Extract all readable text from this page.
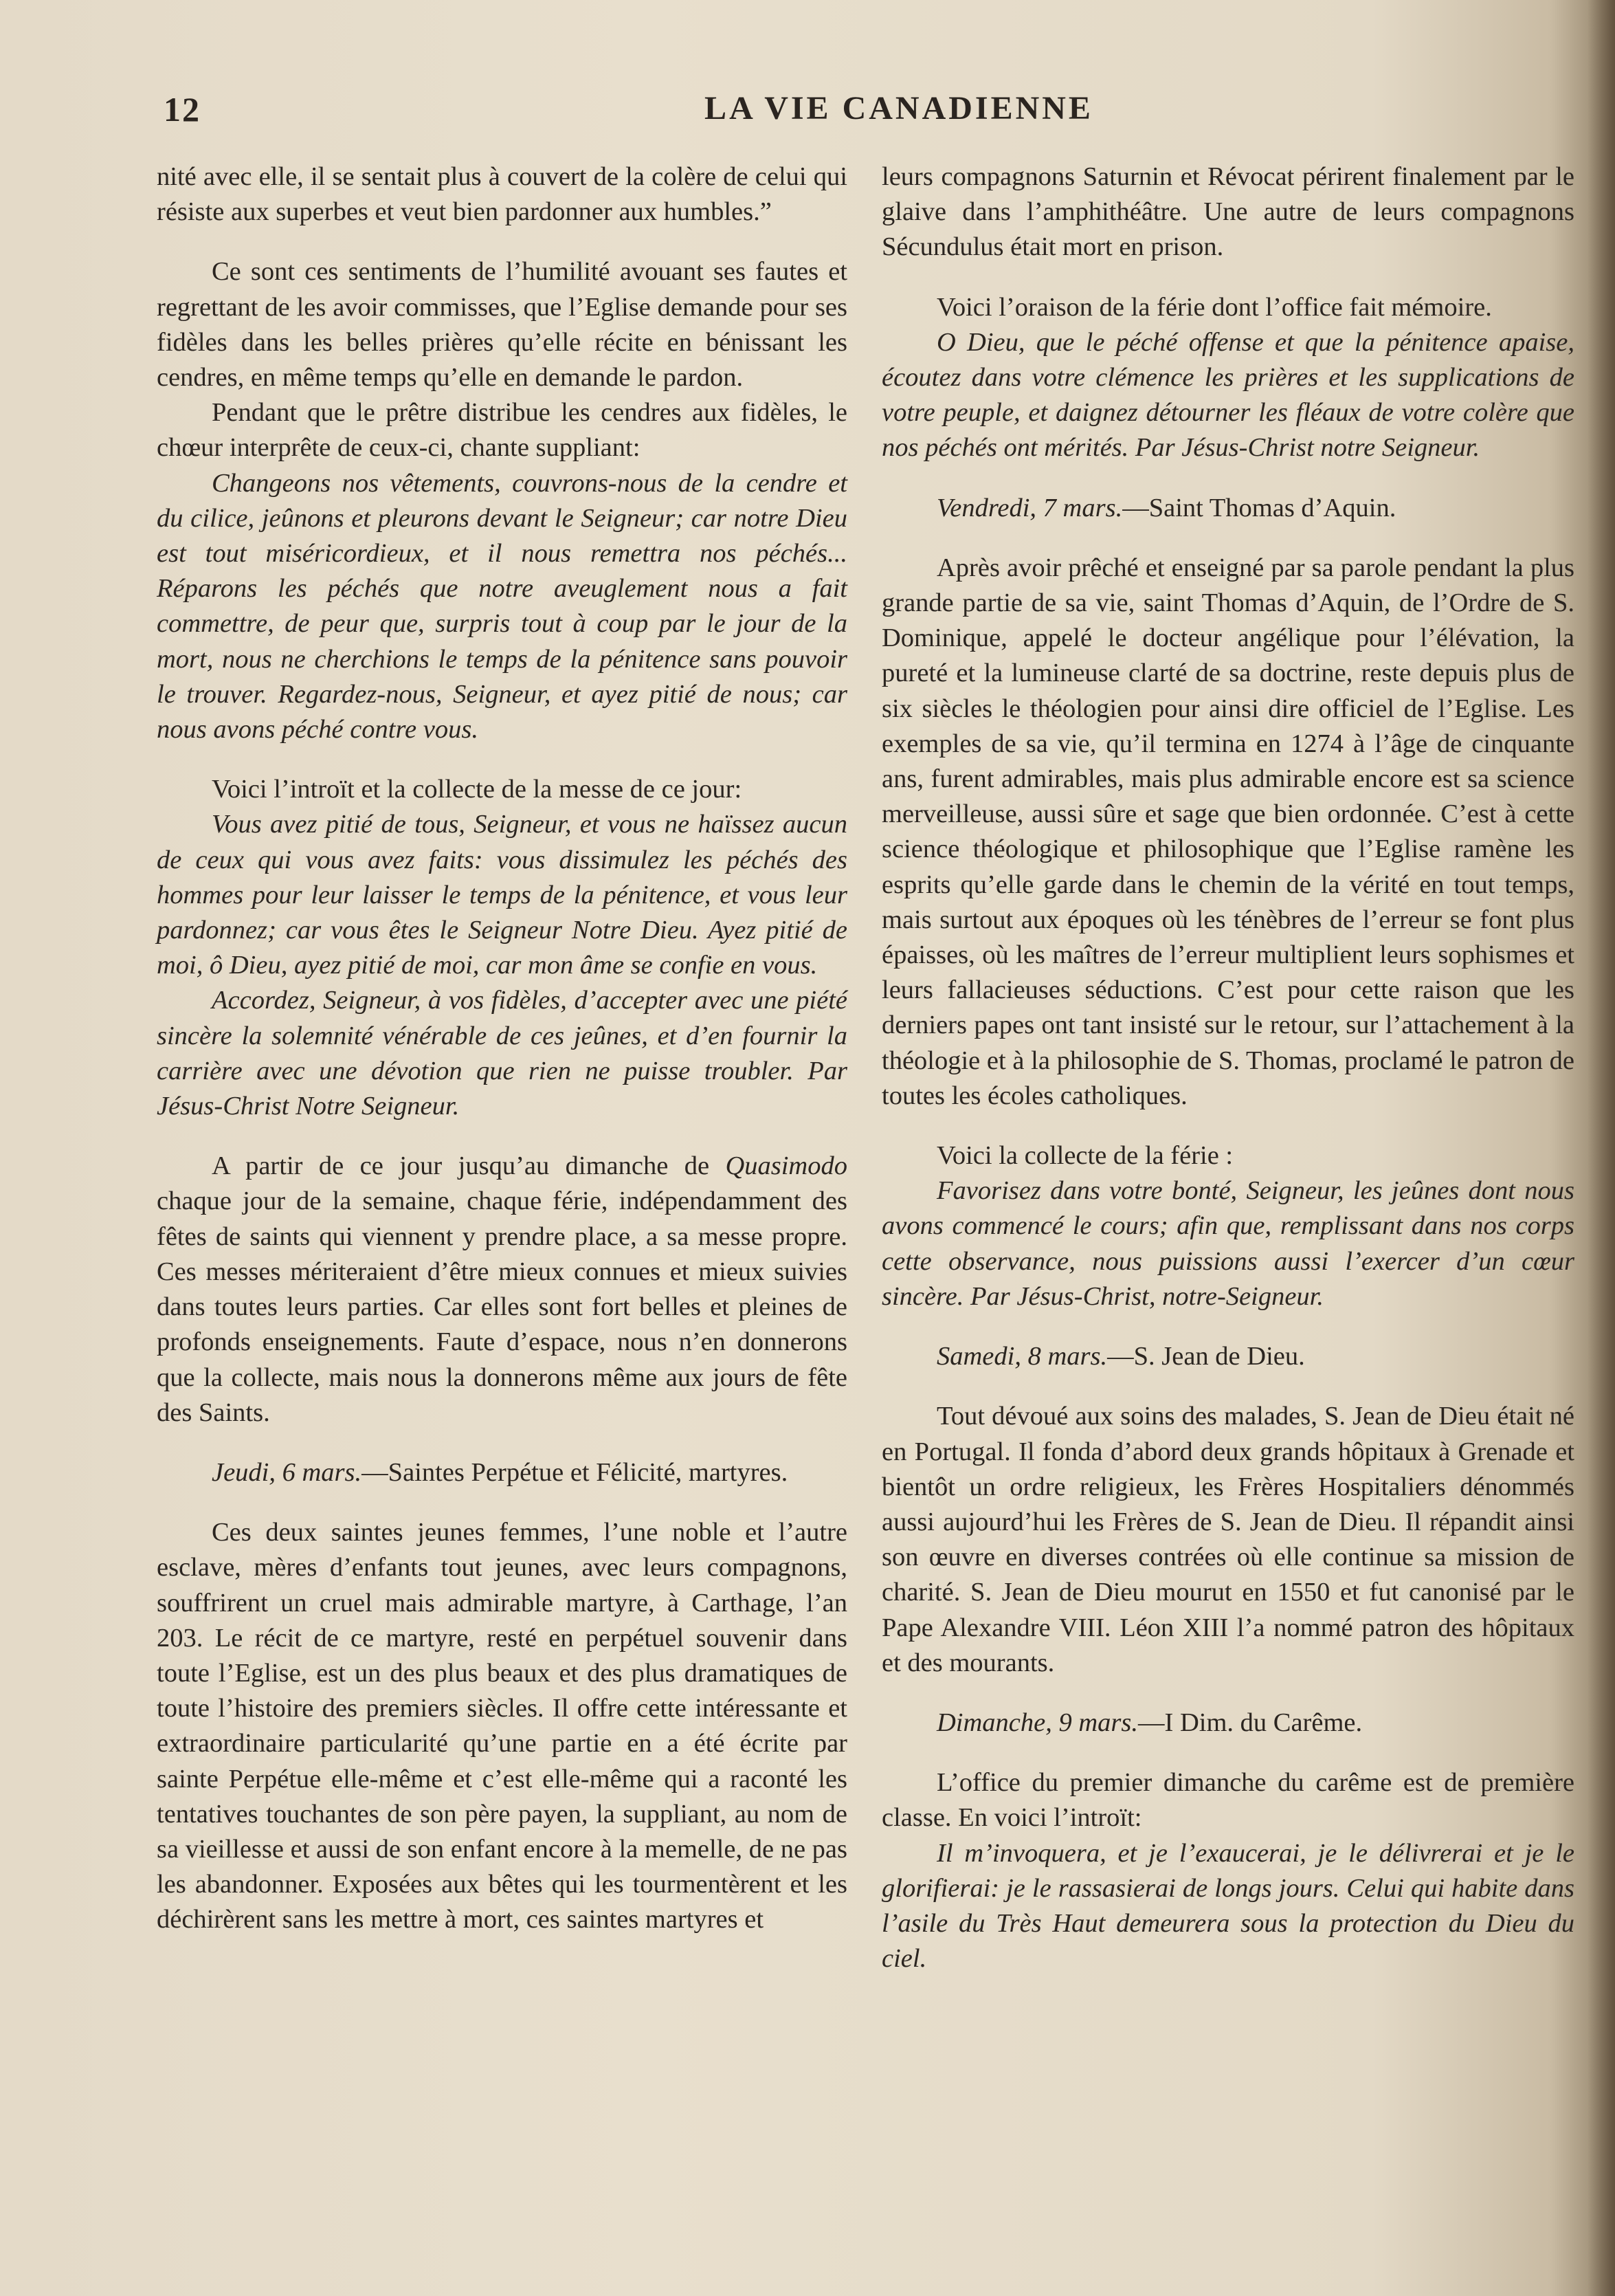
12	LA VIE CANADIENNE

nité avec elle, il se sentait plus à couvert de la colère de celui qui résiste aux superbes et veut bien pardonner aux humbles.”

Ce sont ces sentiments de l’humilité avouant ses fautes et regrettant de les avoir commisses, que l’Eglise demande pour ses fidèles dans les belles prières qu’elle récite en bénissant les cendres, en même temps qu’elle en demande le pardon.

Pendant que le prêtre distribue les cendres aux fidèles, le chœur interprête de ceux-ci, chante suppliant:

Changeons nos vêtements, couvrons-nous de la cendre et du cilice, jeûnons et pleurons devant le Seigneur; car notre Dieu est tout miséricordieux, et il nous remettra nos péchés... Réparons les péchés que notre aveuglement nous a fait commettre, de peur que, surpris tout à coup par le jour de la mort, nous ne cherchions le temps de la pénitence sans pouvoir le trouver. Regardez-nous, Seigneur, et ayez pitié de nous; car nous avons péché contre vous.

Voici l’introït et la collecte de la messe de ce jour:

Vous avez pitié de tous, Seigneur, et vous ne haïssez aucun de ceux qui vous avez faits: vous dissimulez les péchés des hommes pour leur laisser le temps de la pénitence, et vous leur pardonnez; car vous êtes le Seigneur Notre Dieu. Ayez pitié de moi, ô Dieu, ayez pitié de moi, car mon âme se confie en vous.

Accordez, Seigneur, à vos fidèles, d’accepter avec une piété sincère la solemnité vénérable de ces jeûnes, et d’en fournir la carrière avec une dévotion que rien ne puisse troubler. Par Jésus-Christ Notre Seigneur.

A partir de ce jour jusqu’au dimanche de Quasimodo chaque jour de la semaine, chaque férie, indépendamment des fêtes de saints qui viennent y prendre place, a sa messe propre. Ces messes mériteraient d’être mieux connues et mieux suivies dans toutes leurs parties. Car elles sont fort belles et pleines de profonds enseignements. Faute d’espace, nous n’en donnerons que la collecte, mais nous la donnerons même aux jours de fête des Saints.

Jeudi, 6 mars.—Saintes Perpétue et Félicité, martyres.

Ces deux saintes jeunes femmes, l’une noble et l’autre esclave, mères d’enfants tout jeunes, avec leurs compagnons, souffrirent un cruel mais admirable martyre, à Carthage, l’an 203. Le récit de ce martyre, resté en perpétuel souvenir dans toute l’Eglise, est un des plus beaux et des plus dramatiques de toute l’histoire des premiers siècles. Il offre cette intéressante et extraordinaire particularité qu’une partie en a été écrite par sainte Perpétue elle-même et c’est elle-même qui a raconté les tentatives touchantes de son père payen, la suppliant, au nom de sa vieillesse et aussi de son enfant encore à la memelle, de ne pas les abandonner. Exposées aux bêtes qui les tourmentèrent et les déchirèrent sans les mettre à mort, ces saintes martyres et

leurs compagnons Saturnin et Révocat périrent finalement par le glaive dans l’amphithéâtre. Une autre de leurs compagnons Sécundulus était mort en prison.

Voici l’oraison de la férie dont l’office fait mémoire.

O Dieu, que le péché offense et que la pénitence apaise, écoutez dans votre clémence les prières et les supplications de votre peuple, et daignez détourner les fléaux de votre colère que nos péchés ont mérités. Par Jésus-Christ notre Seigneur.

Vendredi, 7 mars.—Saint Thomas d’Aquin.

Après avoir prêché et enseigné par sa parole pendant la plus grande partie de sa vie, saint Thomas d’Aquin, de l’Ordre de S. Dominique, appelé le docteur angélique pour l’élévation, la pureté et la lumineuse clarté de sa doctrine, reste depuis plus de six siècles le théologien pour ainsi dire officiel de l’Eglise. Les exemples de sa vie, qu’il termina en 1274 à l’âge de cinquante ans, furent admirables, mais plus admirable encore est sa science merveilleuse, aussi sûre et sage que bien ordonnée. C’est à cette science théologique et philosophique que l’Eglise ramène les esprits qu’elle garde dans le chemin de la vérité en tout temps, mais surtout aux époques où les ténèbres de l’erreur se font plus épaisses, où les maîtres de l’erreur multiplient leurs sophismes et leurs fallacieuses séductions. C’est pour cette raison que les derniers papes ont tant insisté sur le retour, sur l’attachement à la théologie et à la philosophie de S. Thomas, proclamé le patron de toutes les écoles catholiques.

Voici la collecte de la férie :

Favorisez dans votre bonté, Seigneur, les jeûnes dont nous avons commencé le cours; afin que, remplissant dans nos corps cette observance, nous puissions aussi l’exercer d’un cœur sincère. Par Jésus-Christ, notre-Seigneur.

Samedi, 8 mars.—S. Jean de Dieu.

Tout dévoué aux soins des malades, S. Jean de Dieu était né en Portugal. Il fonda d’abord deux grands hôpitaux à Grenade et bientôt un ordre religieux, les Frères Hospitaliers dénommés aussi aujourd’hui les Frères de S. Jean de Dieu. Il répandit ainsi son œuvre en diverses contrées où elle continue sa mission de charité. S. Jean de Dieu mourut en 1550 et fut canonisé par le Pape Alexandre VIII. Léon XIII l’a nommé patron des hôpitaux et des mourants.

Dimanche, 9 mars.—I Dim. du Carême.

L’office du premier dimanche du carême est de première classe. En voici l’introït:

Il m’invoquera, et je l’exaucerai, je le délivrerai et je le glorifierai: je le rassasierai de longs jours. Celui qui habite dans l’asile du Très Haut demeurera sous la protection du Dieu du ciel.
